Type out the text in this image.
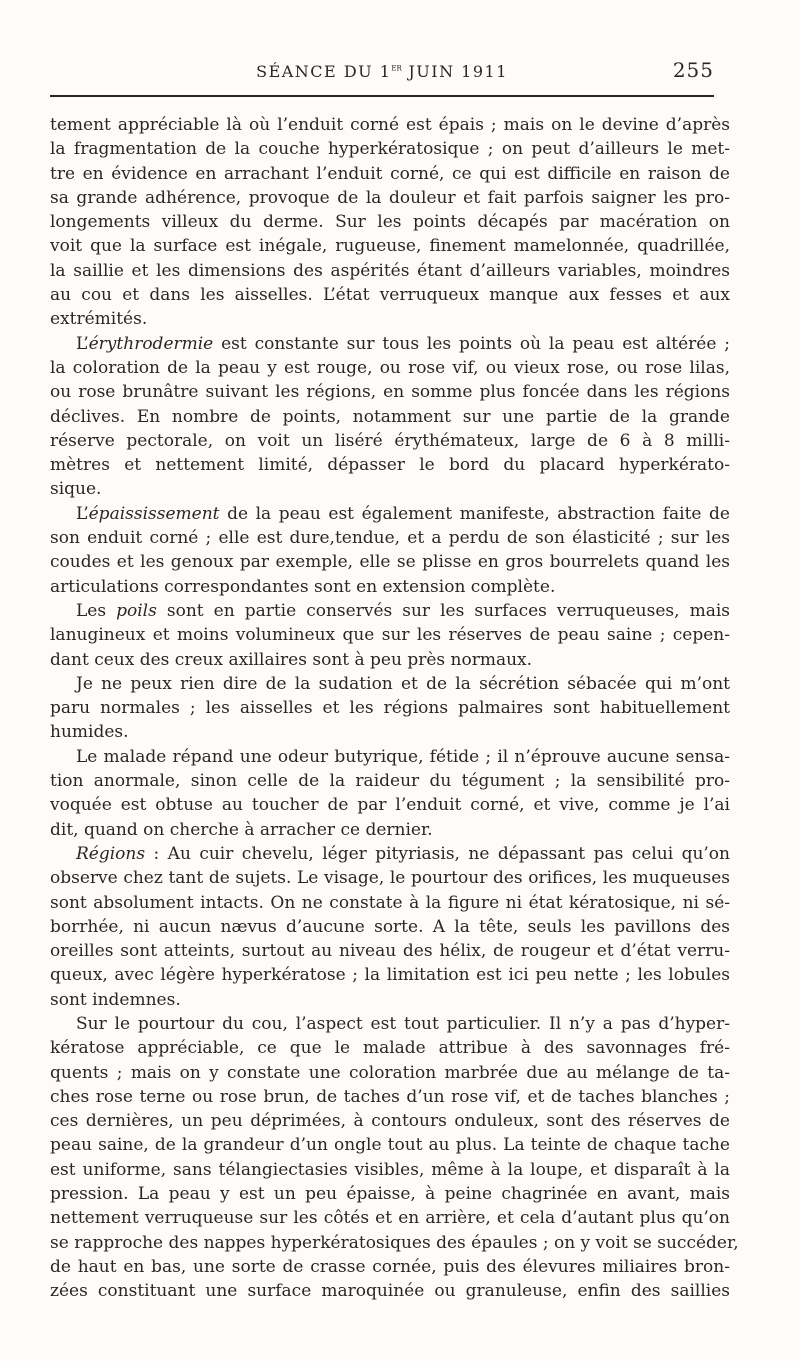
SÉANCE DU 1er JUIN 1911	255
tement appréciable là où l’enduit corné est épais ; mais on le devine d’après
la fragmentation de la couche hyperkératosique ; on peut d’ailleurs le met-
tre en évidence en arrachant l’enduit corné, ce qui est difficile en raison de
sa grande adhérence, provoque de la douleur et fait parfois saigner les pro-
longements villeux du derme. Sur les points décapés par macération on
voit que la surface est inégale, rugueuse, finement mamelonnée, quadrillée,
la saillie et les dimensions des aspérités étant d’ailleurs variables, moindres
au cou et dans les aisselles. L’état verruqueux manque aux fesses et aux
extrémités.
L’érythrodermie est constante sur tous les points où la peau est altérée ;
la coloration de la peau y est rouge, ou rose vif, ou vieux rose, ou rose lilas,
ou rose brunâtre suivant les régions, en somme plus foncée dans les régions
déclives. En nombre de points, notamment sur une partie de la grande
réserve pectorale, on voit un liséré érythémateux, large de 6 à 8 milli-
mètres et nettement limité, dépasser le bord du placard hyperkérato-
sique.
L’épaississement de la peau est également manifeste, abstraction faite de
son enduit corné ; elle est dure,tendue, et a perdu de son élasticité ; sur les
coudes et les genoux par exemple, elle se plisse en gros bourrelets quand les
articulations correspondantes sont en extension complète.
Les poils sont en partie conservés sur les surfaces verruqueuses, mais
lanugineux et moins volumineux que sur les réserves de peau saine ; cepen-
dant ceux des creux axillaires sont à peu près normaux.
Je ne peux rien dire de la sudation et de la sécrétion sébacée qui m’ont
paru normales ; les aisselles et les régions palmaires sont habituellement
humides.
Le malade répand une odeur butyrique, fétide ; il n’éprouve aucune sensa-
tion anormale, sinon celle de la raideur du tégument ; la sensibilité pro-
voquée est obtuse au toucher de par l’enduit corné, et vive, comme je l’ai
dit, quand on cherche à arracher ce dernier.
Régions : Au cuir chevelu, léger pityriasis, ne dépassant pas celui qu’on
observe chez tant de sujets. Le visage, le pourtour des orifices, les muqueuses
sont absolument intacts. On ne constate à la figure ni état kératosique, ni sé-
borrhée, ni aucun nævus d’aucune sorte. A la tête, seuls les pavillons des
oreilles sont atteints, surtout au niveau des hélix, de rougeur et d’état verru-
queux, avec légère hyperkératose ; la limitation est ici peu nette ; les lobules
sont indemnes.
Sur le pourtour du cou, l’aspect est tout particulier. Il n’y a pas d’hyper-
kératose appréciable, ce que le malade attribue à des savonnages fré-
quents ; mais on y constate une coloration marbrée due au mélange de ta-
ches rose terne ou rose brun, de taches d’un rose vif, et de taches blanches ;
ces dernières, un peu déprimées, à contours onduleux, sont des réserves de
peau saine, de la grandeur d’un ongle tout au plus. La teinte de chaque tache
est uniforme, sans télangiectasies visibles, même à la loupe, et disparaît à la
pression. La peau y est un peu épaisse, à peine chagrinée en avant, mais
nettement verruqueuse sur les côtés et en arrière, et cela d’autant plus qu’on
se rapproche des nappes hyperkératosiques des épaules ; on y voit se succéder,
de haut en bas, une sorte de crasse cornée, puis des élevures miliaires bron-
zées constituant une surface maroquinée ou granuleuse, enfin des saillies
